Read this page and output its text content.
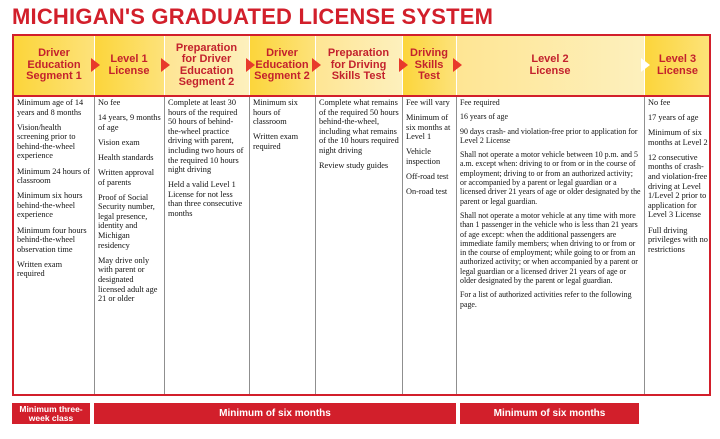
MICHIGAN'S GRADUATED LICENSE SYSTEM
Driver Education Segment 1
Level 1 License
Preparation for Driver Education Segment 2
Driver Education Segment 2
Preparation for Driving Skills Test
Driving Skills Test
Level 2 License
Level 3 License

Minimum age of 14 years and 8 months

Vision/health screening prior to behind-the-wheel experience

Minimum 24 hours of classroom

Minimum six hours behind-the-wheel experience

Minimum four hours behind-the-wheel observation time

Written exam required

No fee

14 years, 9 months of age

Vision exam

Health standards

Written approval of parents

Proof of Social Security number, legal presence, identity and Michigan residency

May drive only with parent or designated licensed adult age 21 or older

Complete at least 30 hours of the required 50 hours of behind-the-wheel practice driving with parent, including two hours of the required 10 hours night driving

Held a valid Level 1 License for not less than three consecutive months

Minimum six hours of classroom

Written exam required

Complete what remains of the required 50 hours behind-the-wheel, including what remains of the 10 hours required night driving

Review study guides

Fee will vary

Minimum of six months at Level 1

Vehicle inspection

Off-road test

On-road test

Fee required

16 years of age

90 days crash- and violation-free prior to application for Level 2 License

Shall not operate a motor vehicle between 10 p.m. and 5 a.m. except when: driving to or from or in the course of employment; driving to or from an authorized activity; or accompanied by a parent or legal guardian or a licensed driver 21 years of age or older designated by the parent or legal guardian.

Shall not operate a motor vehicle at any time with more than 1 passenger in the vehicle who is less than 21 years of age except: when the additional passengers are immediate family members; when driving to or from or in the course of employment; while going to or from an authorized activity; or when accompanied by a parent or legal guardian or a licensed driver 21 years of age or older designated by the parent or legal guardian.

For a list of authorized activities refer to the following page.

No fee

17 years of age

Minimum of six months at Level 2

12 consecutive months of crash- and violation-free driving at Level 1/Level 2 prior to application for Level 3 License

Full driving privileges with no restrictions

Minimum three-week class	Minimum of six months	Minimum of six months
